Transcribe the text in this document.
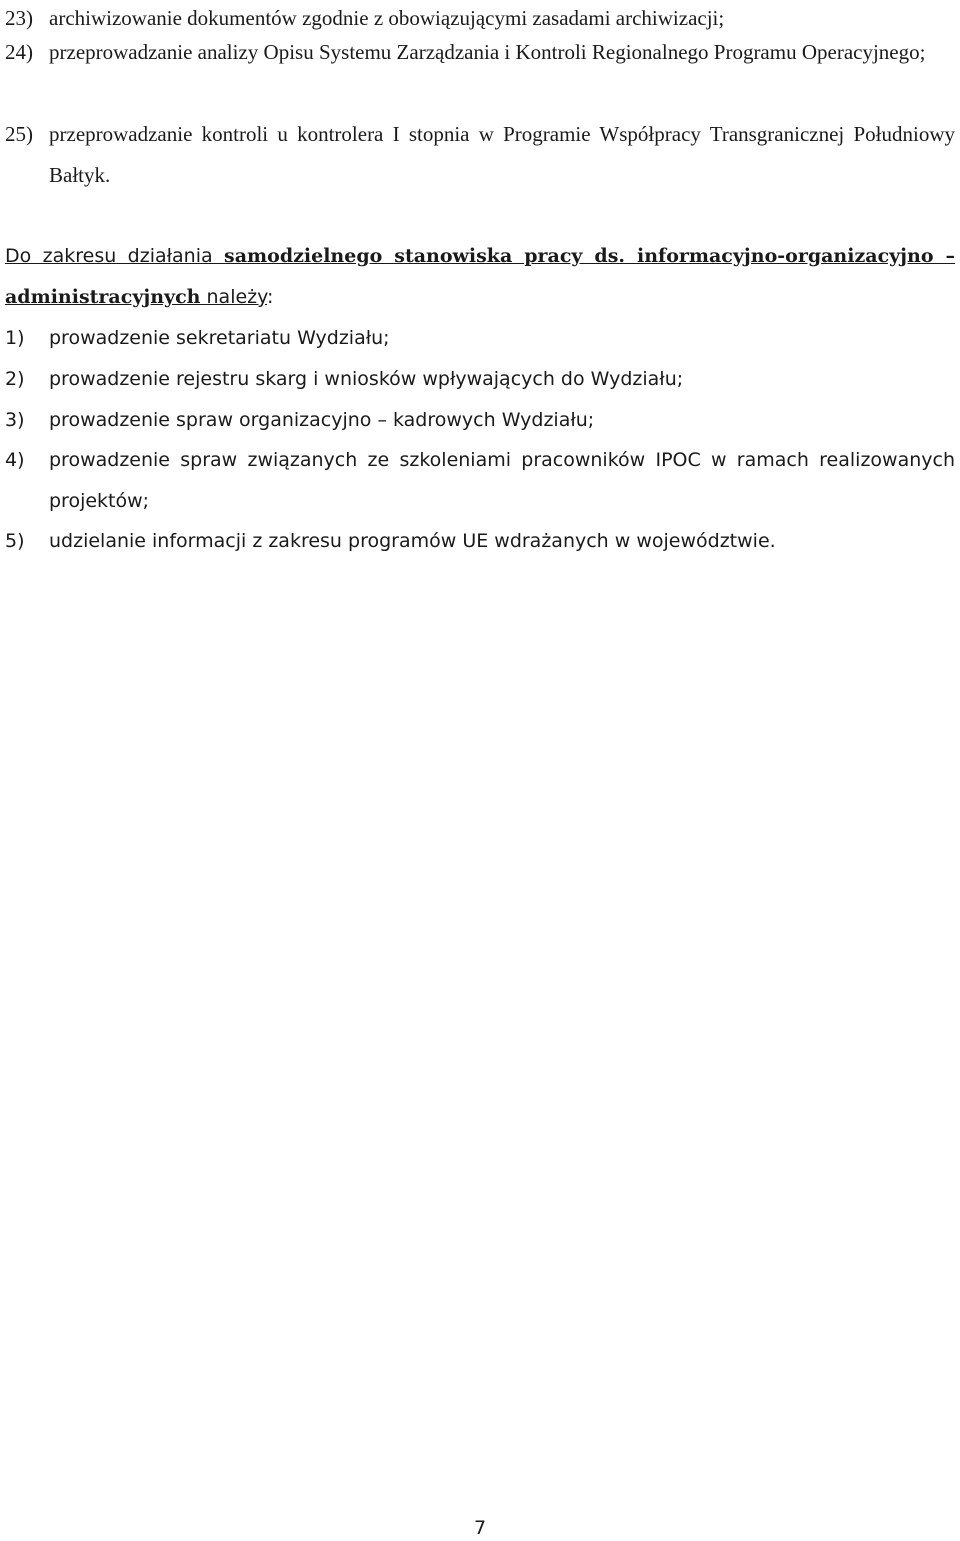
23) archiwizowanie dokumentów zgodnie z obowiązującymi zasadami archiwizacji;
24) przeprowadzanie analizy Opisu Systemu Zarządzania i Kontroli Regionalnego Programu Operacyjnego;
25) przeprowadzanie kontroli u kontrolera I stopnia w Programie Współpracy Transgranicznej Południowy Bałtyk.
Do zakresu działania samodzielnego stanowiska pracy ds. informacyjno-organizacyjno – administracyjnych należy:
1) prowadzenie sekretariatu Wydziału;
2) prowadzenie rejestru skarg i wniosków wpływających do Wydziału;
3) prowadzenie spraw organizacyjno – kadrowych Wydziału;
4) prowadzenie spraw związanych ze szkoleniami pracowników IPOC w ramach realizowanych projektów;
5) udzielanie informacji z zakresu programów UE wdrażanych w województwie.
7
